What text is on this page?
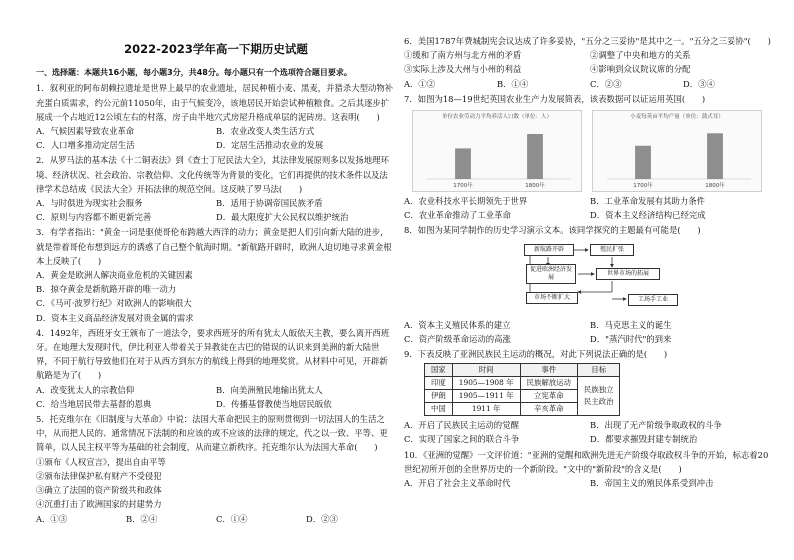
2022-2023学年高一下期历史试题

一、选择题：本题共16小题，每小题3分，共48分。每小题只有一个选项符合题目要求。

1．叙利亚的阿布胡赖拉遗址是世界上最早的农业遗址，居民种植小麦、黑麦，并猎杀大型动物补充蛋白质需求，约公元前11050年，由于气候变冷，该地居民开始尝试种植粮食。之后其逐步扩展成一个占地近12公顷左右的村落，房子由半地穴式房屋升格成单层的泥砖房。这表明(　　)

A．气候因素导致农业革命	B．农业改变人类生活方式
C．人口增多推动定居生活	D．定居生活推动农业的发展

2．从罗马法的基本法《十二铜表法》到《查士丁尼民法大全》，其法律发展原则多以发扬地理环境、经济状况、社会政治、宗教信仰、文化传统等为背景的变化，它们再提供的技术条件以及法律学术总结成《民法大全》开拓法律的规范空间。这反映了罗马法(　　)

A．与时俱进为现实社会服务	B．适用于协调帝国民族矛盾
C．原则与内容都不断更新完善	D．最大限度扩大公民权以维护统治

3．有学者指出："黄金一词是驱使哥伦布跨越大西洋的动力；黄金是把人们引向新大陆的进步，就是带着哥伦布想到远方的诱惑了自己整个航海时期。"新航路开辟时，欧洲人迫切地寻求黄金根本上反映了(　　)

A．黄金是欧洲人解决商业危机的关键因素

B．掠夺黄金是新航路开辟的唯一动力

C．《马可·波罗行纪》对欧洲人的影响很大

D．资本主义商品经济发展对贵金属的需求

4．1492年，西班牙女王颁布了一道法令，要求西班牙的所有犹太人皈依天主教，要么离开西班牙。在地理大发现时代，伊比利亚人带着关于异教徒在古巴的错误的认识来到美洲的新大陆世界，不同于航行导致他们在对于从西方到东方的航线上得到的地理奖赏。从材料中可见，开辟新航路是为了(　　)

A．改变犹太人的宗教信仰	B．向美洲殖民地输出犹太人
C．给当地居民带去基督的恩典	D．传播基督教使当地居民皈依

5．托克维尔在《旧制度与大革命》中说：法国大革命把民主的原则贯彻到一切法国人的生活之中，从而把人民的、通常情况下法制的和应该的或不应该的法律的规定，代之以一致、平等、更简单，以人民主权平等为基础的社会制度，从而建立新秩序。托克维尔认为法国大革命(　　)

①颁布《人权宣言》，提出自由平等

②颁布法律保护私有财产不受侵犯

③确立了法国的资产阶级共和政体

④沉重打击了欧洲国家的封建势力

A．①③	B．②④	C．①④	D．②③

6．美国1787年费城制宪会议达成了许多妥协，"五分之三妥协"是其中之一。"五分之三妥协"(　　)

①缓和了南方州与北方州的矛盾	②调整了中央和地方的关系
③实际上涉及大州与小州的利益	④影响到众议院议席的分配
A．①②	B．①④	C．②③	D．③④

7．如图为18—19世纪英国农业生产力发展简表，该表数据可以证运用英国(　　)

单位农业劳动力平均养活人口数（单位：人）
1700年	1800年
小麦每英亩平均产量（单位：蒲式耳）
1700年	1800年
A．农业科技水平长期领先于世界	B．工业革命发展有其助力条件
C．农业革命推动了工业革命	D．资本主义经济结构已经完成

8．如图为某同学制作的历史学习演示文本。该同学探究的主题最有可能是(　　)

新航路开辟	殖民扩张
促进欧洲经济发展
世界市场的拓展
市场不断扩大	工场手工业
A．资本主义殖民体系的建立	B．马克思主义的诞生
C．资产阶级革命运动的高涨	D．"蒸汽时代"的到来

9．下表反映了亚洲民族民主运动的概况，对此下列说法正确的是(　　)

国家	时间	事件	目标
印度	1905—1908 年	民族解放运动	民族独立
民主政治

伊朗	1905—1911 年	立宪革命	
中国	1911 年	辛亥革命	
A．开启了民族民主运动的觉醒	B．出现了无产阶级争取政权的斗争
C．实现了国家之间的联合斗争	D．都要求摧毁封建专制统治

10．《亚洲的觉醒》一文评价道："亚洲的觉醒和欧洲先进无产阶级夺取政权斗争的开始，标志着20世纪初所开创的全世界历史的一个新阶段。"文中的"新阶段"的含义是(　　)

A．开启了社会主义革命时代	B．帝国主义的殖民体系受到冲击
